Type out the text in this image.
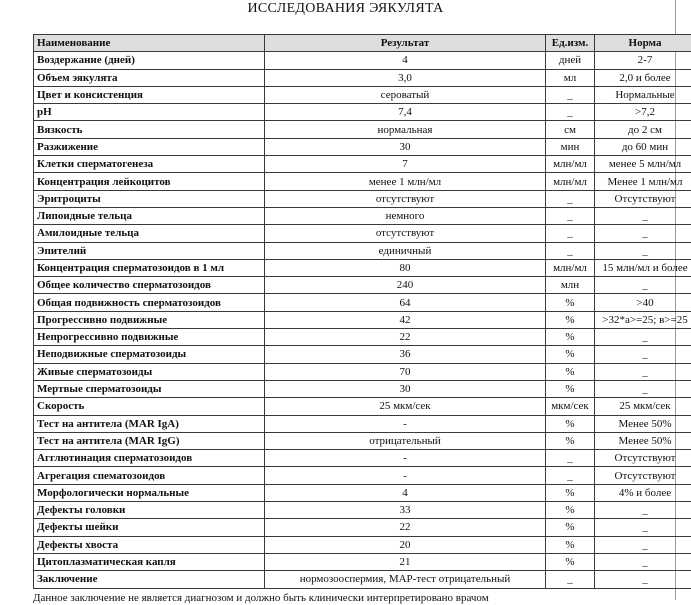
ИССЛЕДОВАНИЯ ЭЯКУЛЯТА
Наименование	Результат	Ед.изм.	Норма
Воздержание (дней)	4	дней	2-7
Объем эякулята	3,0	мл	2,0 и более
Цвет и консистенция	сероватый	_	Нормальные
pH	7,4	_	>7,2
Вязкость	нормальная	см	до 2 см
Разжижение	30	мин	до 60 мин
Клетки сперматогенеза	7	млн/мл	менее 5 млн/мл
Концентрация лейкоцитов	менее 1 млн/мл	млн/мл	Менее 1 млн/мл
Эритроциты	отсутствуют	_	Отсутствуют
Липоидные тельца	немного	_	_
Амилоидные тельца	отсутствуют	_	_
Эпителий	единичный	_	_
Концентрация сперматозоидов в 1 мл	80	млн/мл	15 млн/мл и более
Общее количество сперматозоидов	240	млн	_
Общая подвижность сперматозоидов	64	%	>40
Прогрессивно подвижные	42	%	>32*а>=25; в>=25
Непрогрессивно подвижные	22	%	_
Неподвижные сперматозоиды	36	%	_
Живые сперматозоиды	70	%	_
Мертвые сперматозоиды	30	%	_
Скорость	25 мкм/сек	мкм/сек	25 мкм/сек
Тест на антитела (MAR IgA)	-	%	Менее 50%
Тест на антитела (MAR IgG)	отрицательный	%	Менее 50%
Агглютинация сперматозоидов	-	_	Отсутствуют
Агрегация спематозоидов	-	_	Отсутствуют
Морфологически нормальные	4	%	4% и более
Дефекты головки	33	%	_
Дефекты шейки	22	%	_
Дефекты хвоста	20	%	_
Цитоплазматическая капля	21	%	_
Заключение	нормозооспермия, MAP-тест отрицательный	_	_
Данное заключение не является диагнозом и должно быть клинически интерпретировано врачом
